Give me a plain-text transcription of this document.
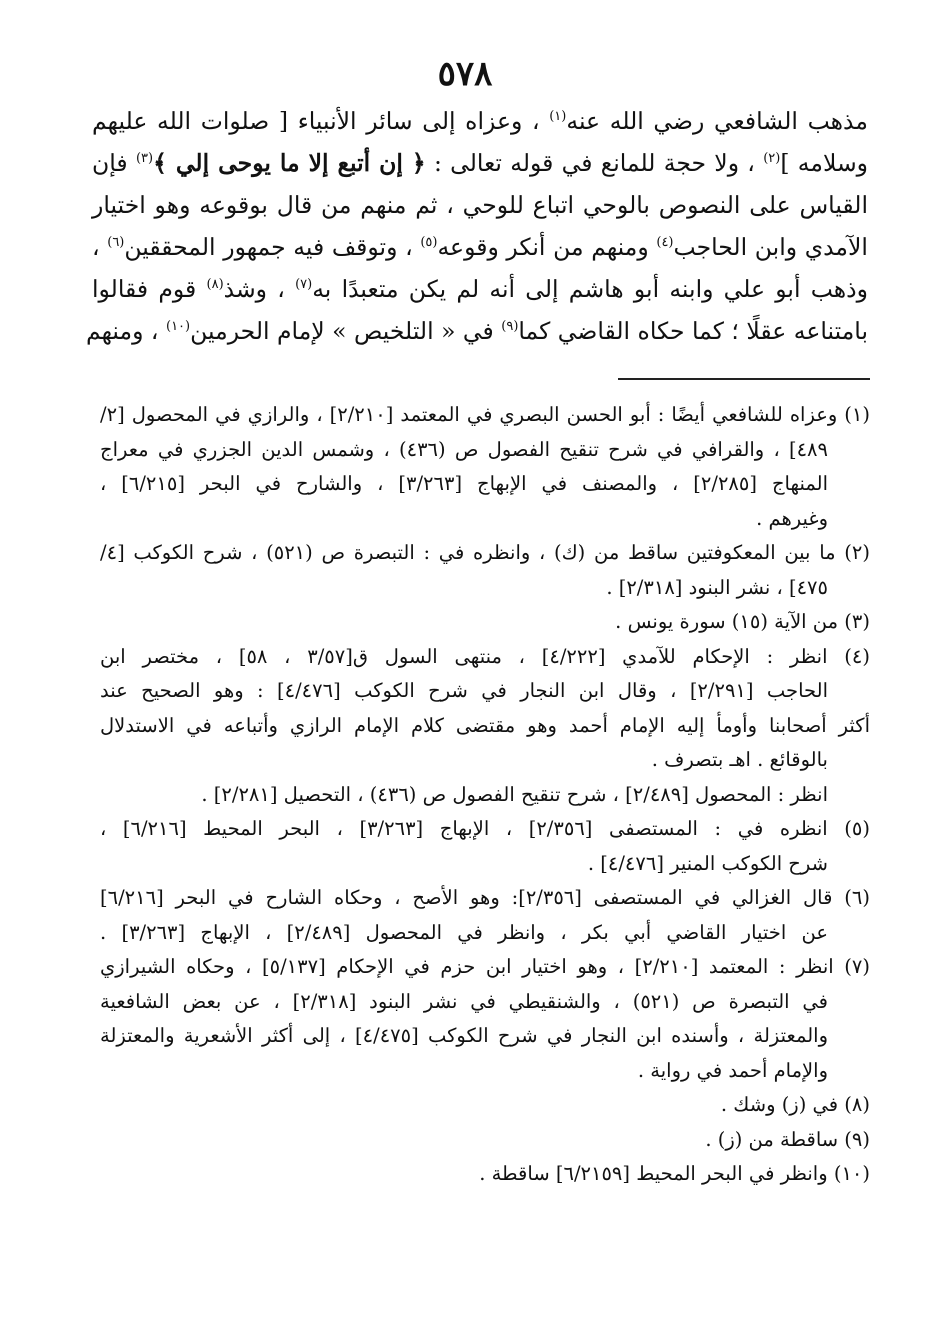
٥٧٨
مذهب الشافعي رضي الله عنه$^{(١)}$ ، وعزاه إلى سائر الأنبياء [ صلوات الله عليهم
وسلامه ]$^{(٢)}$ ، ولا حجة للمانع في قوله تعالى : ﴿ إن أتبع إلا ما يوحى إلي ﴾$^{(٣)}$ فإن
القياس على النصوص بالوحي اتباع للوحي ، ثم منهم من قال بوقوعه وهو اختيار
الآمدي وابن الحاجب$^{(٤)}$ ومنهم من أنكر وقوعه$^{(٥)}$ ، وتوقف فيه جمهور المحققين$^{(٦)}$ ،
وذهب أبو علي وابنه أبو هاشم إلى أنه لم يكن متعبدًا به$^{(٧)}$ ، وشذ$^{(٨)}$ قوم فقالوا
بامتناعه عقلًا ؛ كما حكاه القاضي كما$^{(٩)}$ في « التلخيص » لإمام الحرمين$^{(١٠)}$ ، ومنهم
(١) وعزاه للشافعي أيضًا : أبو الحسن البصري في المعتمد [٢/٢١٠] ، والرازي في المحصول [٢/
٤٨٩] ، والقرافي في شرح تنقيح الفصول ص (٤٣٦) ، وشمس الدين الجزري في معراج
المنهاج [٢/٢٨٥] ، والمصنف في الإبهاج [٣/٢٦٣] ، والشارح في البحر [٦/٢١٥] ،
وغيرهم .
(٢) ما بين المعكوفتين ساقط من (ك) ، وانظره في : التبصرة ص (٥٢١) ، شرح الكوكب [٤/
٤٧٥] ، نشر البنود [٢/٣١٨] .
(٣) من الآية (١٥) سورة يونس .
(٤) انظر : الإحكام للآمدي [٤/٢٢٢] ، منتهى السول ق[٣/٥٧ ، ٥٨] ، مختصر ابن
الحاجب [٢/٢٩١] ، وقال ابن النجار في شرح الكوكب [٤/٤٧٦] : وهو الصحيح عند
أكثر أصحابنا وأومأ إليه الإمام أحمد وهو مقتضى كلام الإمام الرازي وأتباعه في الاستدلال
بالوقائع . اهـ بتصرف .
انظر : المحصول [٢/٤٨٩] ، شرح تنقيح الفصول ص (٤٣٦) ، التحصيل [٢/٢٨١] .
(٥) انظره في : المستصفى [٢/٣٥٦] ، الإبهاج [٣/٢٦٣] ، البحر المحيط [٦/٢١٦] ،
شرح الكوكب المنير [٤/٤٧٦] .
(٦) قال الغزالي في المستصفى [٢/٣٥٦]: وهو الأصح ، وحكاه الشارح في البحر [٦/٢١٦]
عن اختيار القاضي أبي بكر ، وانظر في المحصول [٢/٤٨٩] ، الإبهاج [٣/٢٦٣] .
(٧) انظر : المعتمد [٢/٢١٠] ، وهو اختيار ابن حزم في الإحكام [٥/١٣٧] ، وحكاه الشيرازي
في التبصرة ص (٥٢١) ، والشنقيطي في نشر البنود [٢/٣١٨] ، عن بعض الشافعية
والمعتزلة ، وأسنده ابن النجار في شرح الكوكب [٤/٤٧٥] ، إلى أكثر الأشعرية والمعتزلة
والإمام أحمد في رواية .
(٨) في (ز) وشك .
(٩) ساقطة من (ز) .
(١٠) وانظر في البحر المحيط [٦/٢١٥٩] ساقطة .
